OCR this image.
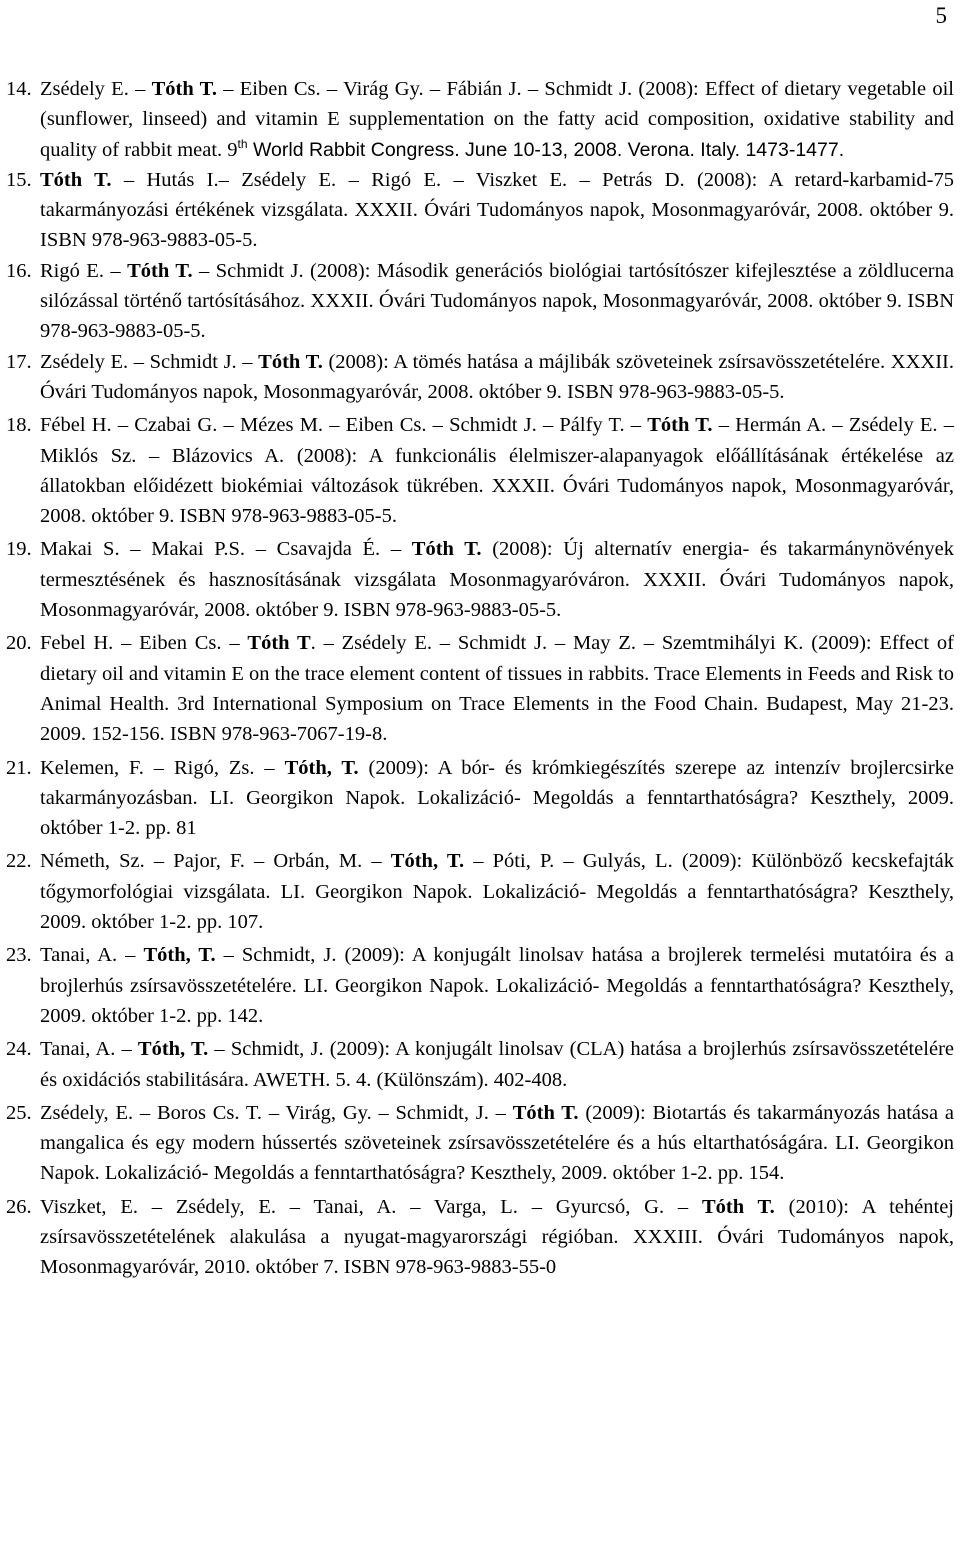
5
14. Zsédely E. – Tóth T. – Eiben Cs. – Virág Gy. – Fábián J. – Schmidt J. (2008): Effect of dietary vegetable oil (sunflower, linseed) and vitamin E supplementation on the fatty acid composition, oxidative stability and quality of rabbit meat. 9th World Rabbit Congress. June 10-13, 2008. Verona. Italy. 1473-1477.
15. Tóth T. – Hutás I.– Zsédely E. – Rigó E. – Viszket E. – Petrás D. (2008): A retard-karbamid-75 takarmányozási értékének vizsgálata. XXXII. Óvári Tudományos napok, Mosonmagyaróvár, 2008. október 9. ISBN 978-963-9883-05-5.
16. Rigó E. – Tóth T. – Schmidt J. (2008): Második generációs biológiai tartósítószer kifejlesztése a zöldlucerna silózással történő tartósításához. XXXII. Óvári Tudományos napok, Mosonmagyaróvár, 2008. október 9. ISBN 978-963-9883-05-5.
17. Zsédely E. – Schmidt J. – Tóth T. (2008): A tömés hatása a májlibák szöveteinek zsírsavösszetételére. XXXII. Óvári Tudományos napok, Mosonmagyaróvár, 2008. október 9. ISBN 978-963-9883-05-5.
18. Fébel H. – Czabai G. – Mézes M. – Eiben Cs. – Schmidt J. – Pálfy T. – Tóth T. – Hermán A. – Zsédely E. – Miklós Sz. – Blázovics A. (2008): A funkcionális élelmiszer-alapanyagok előállításának értékelése az állatokban előidézett biokémiai változások tükrében. XXXII. Óvári Tudományos napok, Mosonmagyaróvár, 2008. október 9. ISBN 978-963-9883-05-5.
19. Makai S. – Makai P.S. – Csavajda É. – Tóth T. (2008): Új alternatív energia- és takarmánynövények termesztésének és hasznosításának vizsgálata Mosonmagyaróváron. XXXII. Óvári Tudományos napok, Mosonmagyaróvár, 2008. október 9. ISBN 978-963-9883-05-5.
20. Febel H. – Eiben Cs. – Tóth T. – Zsédely E. – Schmidt J. – May Z. – Szemtmihályi K. (2009): Effect of dietary oil and vitamin E on the trace element content of tissues in rabbits. Trace Elements in Feeds and Risk to Animal Health. 3rd International Symposium on Trace Elements in the Food Chain. Budapest, May 21-23. 2009. 152-156. ISBN 978-963-7067-19-8.
21. Kelemen, F. – Rigó, Zs. – Tóth, T. (2009): A bór- és krómkiegészítés szerepe az intenzív brojlercsirke takarmányozásban. LI. Georgikon Napok. Lokalizáció- Megoldás a fenntarthatóságra? Keszthely, 2009. október 1-2. pp. 81
22. Németh, Sz. – Pajor, F. – Orbán, M. – Tóth, T. – Póti, P. – Gulyás, L. (2009): Különböző kecskefajták tőgymorfológiai vizsgálata. LI. Georgikon Napok. Lokalizáció- Megoldás a fenntarthatóságra? Keszthely, 2009. október 1-2. pp. 107.
23. Tanai, A. – Tóth, T. – Schmidt, J. (2009): A konjugált linolsav hatása a brojlerek termelési mutatóira és a brojlerhús zsírsavösszetételére. LI. Georgikon Napok. Lokalizáció- Megoldás a fenntarthatóságra? Keszthely, 2009. október 1-2. pp. 142.
24. Tanai, A. – Tóth, T. – Schmidt, J. (2009): A konjugált linolsav (CLA) hatása a brojlerhús zsírsavösszetételére és oxidációs stabilitására. AWETH. 5. 4. (Különszám). 402-408.
25. Zsédely, E. – Boros Cs. T. – Virág, Gy. – Schmidt, J. – Tóth T. (2009): Biotartás és takarmányozás hatása a mangalica és egy modern hússertés szöveteinek zsírsavösszetételére és a hús eltarthatóságára. LI. Georgikon Napok. Lokalizáció- Megoldás a fenntarthatóságra? Keszthely, 2009. október 1-2. pp. 154.
26. Viszket, E. – Zsédely, E. – Tanai, A. – Varga, L. – Gyurcsó, G. – Tóth T. (2010): A tehéntej zsírsavösszetételének alakulása a nyugat-magyarországi régióban. XXXIII. Óvári Tudományos napok, Mosonmagyaróvár, 2010. október 7. ISBN 978-963-9883-55-0
